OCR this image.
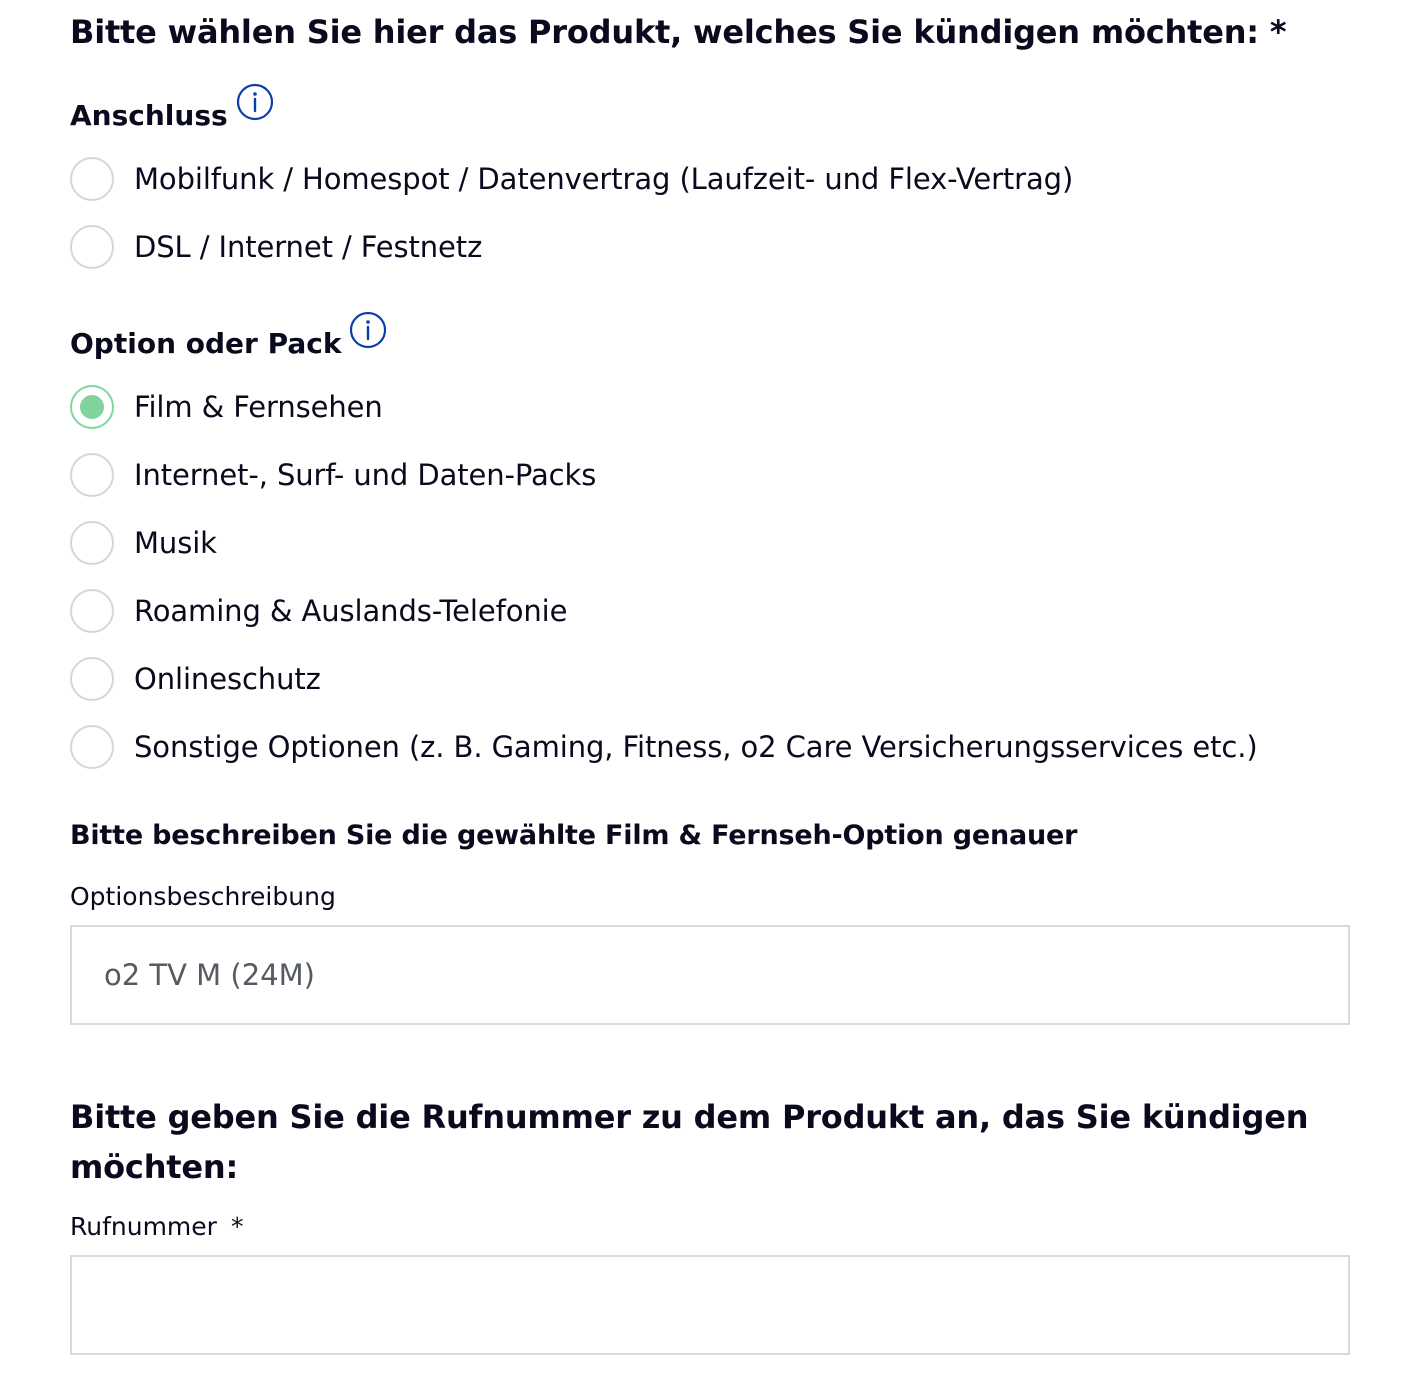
Bitte wählen Sie hier das Produkt, welches Sie kündigen möchten: *
Anschluss
Mobilfunk / Homespot / Datenvertrag (Laufzeit- und Flex-Vertrag)
DSL / Internet / Festnetz
Option oder Pack
Film & Fernsehen
Internet-, Surf- und Daten-Packs
Musik
Roaming & Auslands-Telefonie
Onlineschutz
Sonstige Optionen (z. B. Gaming, Fitness, o2 Care Versicherungsservices etc.)
Bitte beschreiben Sie die gewählte Film & Fernseh-Option genauer
Optionsbeschreibung
o2 TV M (24M)
Bitte geben Sie die Rufnummer zu dem Produkt an, das Sie kündigen möchten:
Rufnummer *
